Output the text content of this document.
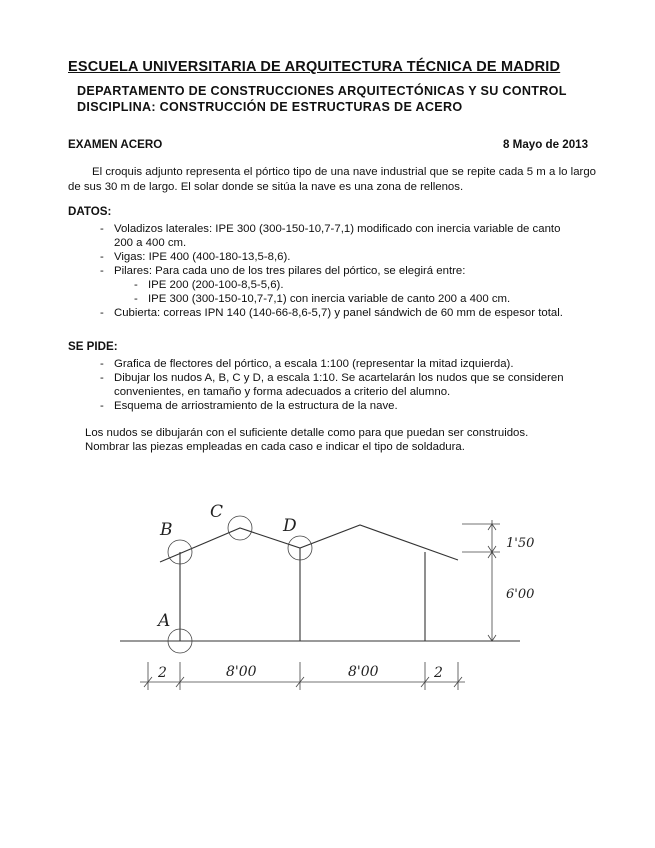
ESCUELA UNIVERSITARIA DE ARQUITECTURA TÉCNICA DE MADRID
DEPARTAMENTO DE CONSTRUCCIONES ARQUITECTÓNICAS Y SU CONTROL
DISCIPLINA: CONSTRUCCIÓN DE ESTRUCTURAS DE ACERO
EXAMEN ACERO	8 Mayo de 2013
El croquis adjunto representa el pórtico tipo de una nave industrial que se repite cada 5 m a lo largo de sus 30 m de largo. El solar donde se sitúa la nave es una zona de rellenos.
DATOS:
- Voladizos laterales: IPE 300 (300-150-10,7-7,1) modificado con inercia variable de canto
200 a 400 cm.
- Vigas: IPE 400 (400-180-13,5-8,6).
- Pilares: Para cada uno de los tres pilares del pórtico, se elegirá entre:
- IPE 200 (200-100-8,5-5,6).
- IPE 300 (300-150-10,7-7,1) con inercia variable de canto 200 a 400 cm.
- Cubierta: correas IPN 140 (140-66-8,6-5,7) y panel sándwich de 60 mm de espesor total.
SE PIDE:
- Grafica de flectores del pórtico, a escala 1:100 (representar la mitad izquierda).
- Dibujar los nudos A, B, C y D, a escala 1:10. Se acartelarán los nudos que se consideren
convenientes, en tamaño y forma adecuados a criterio del alumno.
- Esquema de arriostramiento de la estructura de la nave.
Los nudos se dibujarán con el suficiente detalle como para que puedan ser construidos.
Nombrar las piezas empleadas en cada caso e indicar el tipo de soldadura.
B
C
D
A
1'50
6'00
2	8'00	8'00	2
